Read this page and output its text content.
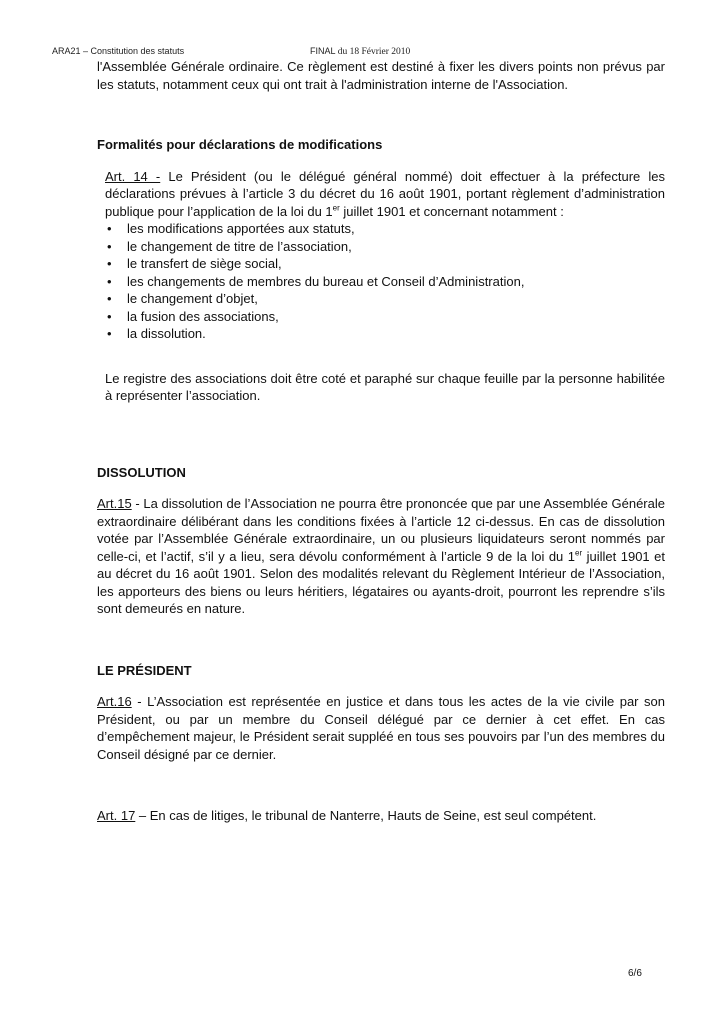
ARA21 – Constitution des statuts	FINAL du 18 Février 2010

l'Assemblée Générale ordinaire. Ce règlement est destiné à fixer les divers points non prévus par les statuts, notamment ceux qui ont trait à l'administration interne de l'Association.

Formalités pour déclarations de modifications

Art. 14 - Le Président (ou le délégué général nommé) doit effectuer à la préfecture les déclarations prévues à l’article 3 du décret du 16 août 1901, portant règlement d’administration publique pour l’application de la loi du 1er juillet 1901 et concernant notamment :

• les modifications apportées aux statuts,
• le changement de titre de l’association,
• le transfert de siège social,
• les changements de membres du bureau et Conseil d’Administration,
• le changement d’objet,
• la fusion des associations,
• la dissolution.

Le registre des associations doit être coté et paraphé sur chaque feuille par la personne habilitée à représenter l’association.

DISSOLUTION

Art.15 - La dissolution de l’Association ne pourra être prononcée que par une Assemblée Générale extraordinaire délibérant dans les conditions fixées à l’article 12 ci-dessus. En cas de dissolution votée par l’Assemblée Générale extraordinaire, un ou plusieurs liquidateurs seront nommés par celle-ci, et l’actif, s’il y a lieu, sera dévolu conformément à l’article 9 de la loi du 1er juillet 1901 et au décret du 16 août 1901. Selon des modalités relevant du Règlement Intérieur de l’Association, les apporteurs des biens ou leurs héritiers, légataires ou ayants-droit, pourront les reprendre s’ils sont demeurés en nature.

LE PRÉSIDENT

Art.16 - L’Association est représentée en justice et dans tous les actes de la vie civile par son Président, ou par un membre du Conseil délégué par ce dernier à cet effet. En cas d’empêchement majeur, le Président serait suppléé en tous ses pouvoirs par l’un des membres du Conseil désigné par ce dernier.

Art. 17 – En cas de litiges, le tribunal de Nanterre, Hauts de Seine, est seul compétent.

6/6
